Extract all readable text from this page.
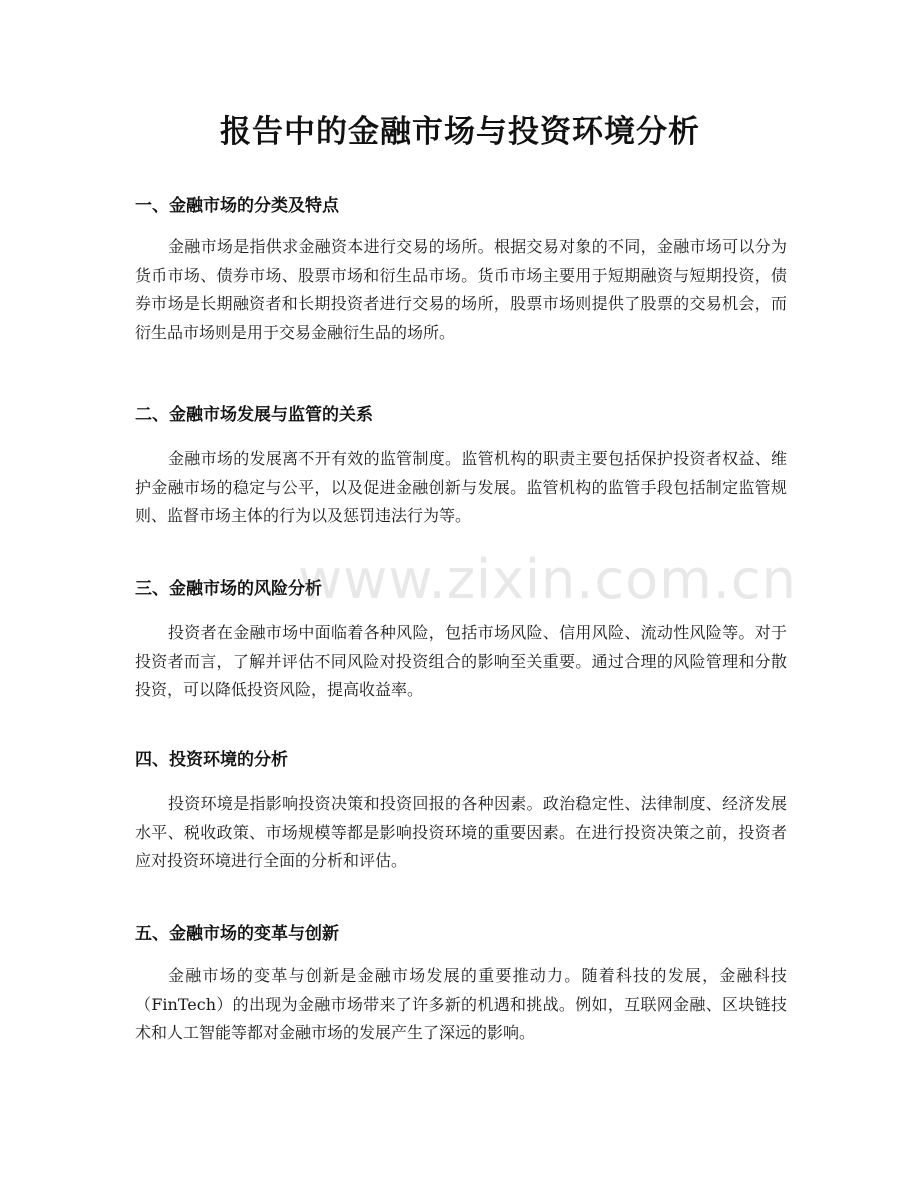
报告中的金融市场与投资环境分析
一、金融市场的分类及特点

金融市场是指供求金融资本进行交易的场所。根据交易对象的不同，金融市场可以分为货币市场、债券市场、股票市场和衍生品市场。货币市场主要用于短期融资与短期投资，债券市场是长期融资者和长期投资者进行交易的场所，股票市场则提供了股票的交易机会，而衍生品市场则是用于交易金融衍生品的场所。

二、金融市场发展与监管的关系

金融市场的发展离不开有效的监管制度。监管机构的职责主要包括保护投资者权益、维护金融市场的稳定与公平，以及促进金融创新与发展。监管机构的监管手段包括制定监管规则、监督市场主体的行为以及惩罚违法行为等。

三、金融市场的风险分析

投资者在金融市场中面临着各种风险，包括市场风险、信用风险、流动性风险等。对于投资者而言，了解并评估不同风险对投资组合的影响至关重要。通过合理的风险管理和分散投资，可以降低投资风险，提高收益率。

四、投资环境的分析

投资环境是指影响投资决策和投资回报的各种因素。政治稳定性、法律制度、经济发展水平、税收政策、市场规模等都是影响投资环境的重要因素。在进行投资决策之前，投资者应对投资环境进行全面的分析和评估。

五、金融市场的变革与创新

金融市场的变革与创新是金融市场发展的重要推动力。随着科技的发展，金融科技（FinTech）的出现为金融市场带来了许多新的机遇和挑战。例如，互联网金融、区块链技术和人工智能等都对金融市场的发展产生了深远的影响。

www.zixin.com.cn
